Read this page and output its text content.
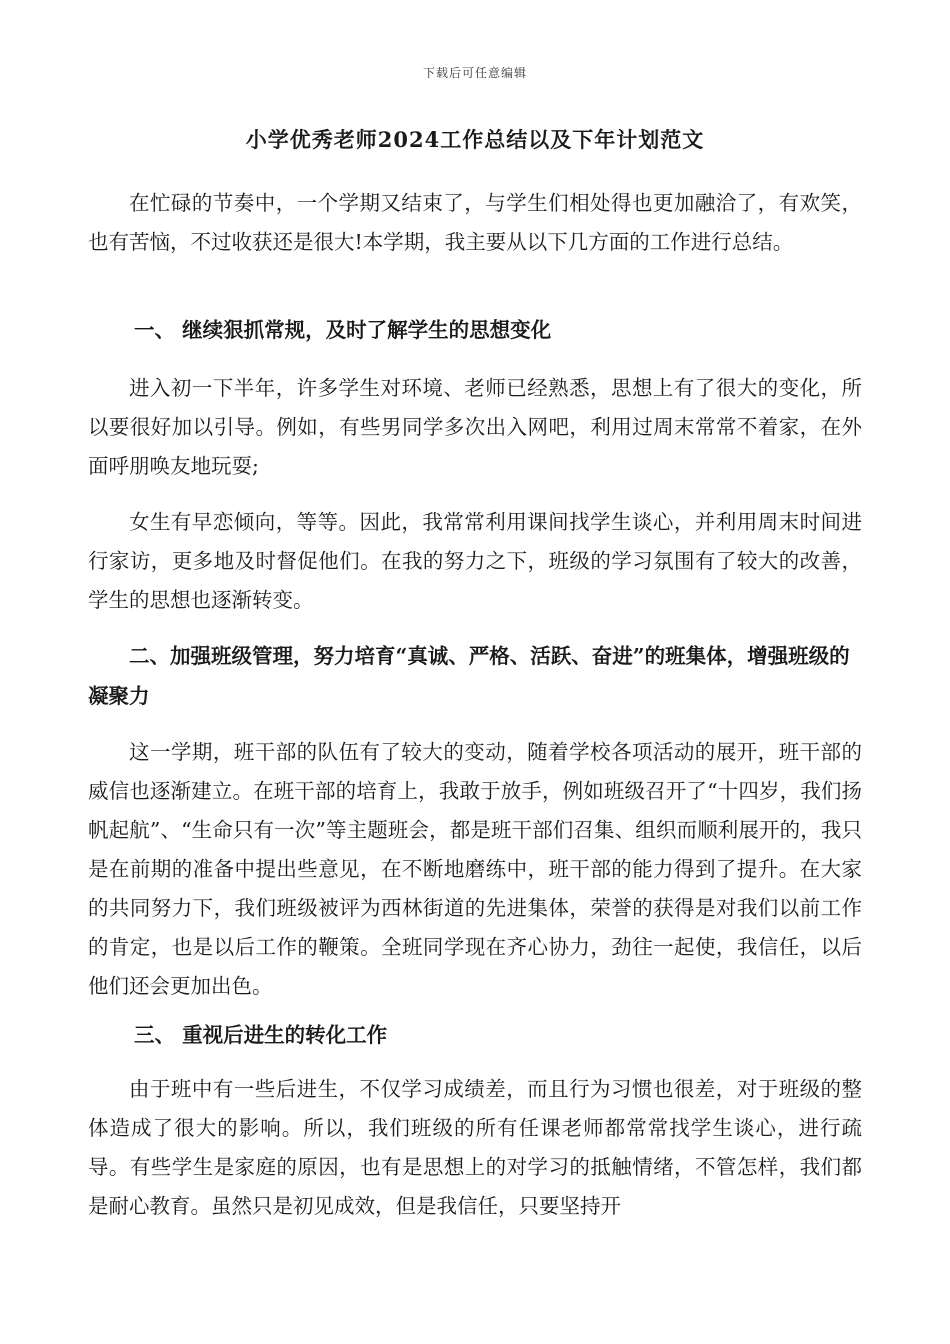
下载后可任意编辑
小学优秀老师2024工作总结以及下年计划范文
在忙碌的节奏中，一个学期又结束了，与学生们相处得也更加融洽了，有欢笑，也有苦恼，不过收获还是很大!本学期，我主要从以下几方面的工作进行总结。
一、 继续狠抓常规，及时了解学生的思想变化
进入初一下半年，许多学生对环境、老师已经熟悉，思想上有了很大的变化，所以要很好加以引导。例如，有些男同学多次出入网吧，利用过周末常常不着家，在外面呼朋唤友地玩耍;
女生有早恋倾向，等等。因此，我常常利用课间找学生谈心，并利用周末时间进行家访，更多地及时督促他们。在我的努力之下，班级的学习氛围有了较大的改善，学生的思想也逐渐转变。
二、加强班级管理，努力培育“真诚、严格、活跃、奋进”的班集体，增强班级的凝聚力
这一学期，班干部的队伍有了较大的变动，随着学校各项活动的展开，班干部的威信也逐渐建立。在班干部的培育上，我敢于放手，例如班级召开了“十四岁，我们扬帆起航”、“生命只有一次”等主题班会，都是班干部们召集、组织而顺利展开的，我只是在前期的准备中提出些意见，在不断地磨练中，班干部的能力得到了提升。在大家的共同努力下，我们班级被评为西林街道的先进集体，荣誉的获得是对我们以前工作的肯定，也是以后工作的鞭策。全班同学现在齐心协力，劲往一起使，我信任，以后他们还会更加出色。
三、 重视后进生的转化工作
由于班中有一些后进生，不仅学习成绩差，而且行为习惯也很差，对于班级的整体造成了很大的影响。所以，我们班级的所有任课老师都常常找学生谈心，进行疏导。有些学生是家庭的原因，也有是思想上的对学习的抵触情绪，不管怎样，我们都是耐心教育。虽然只是初见成效，但是我信任，只要坚持开
